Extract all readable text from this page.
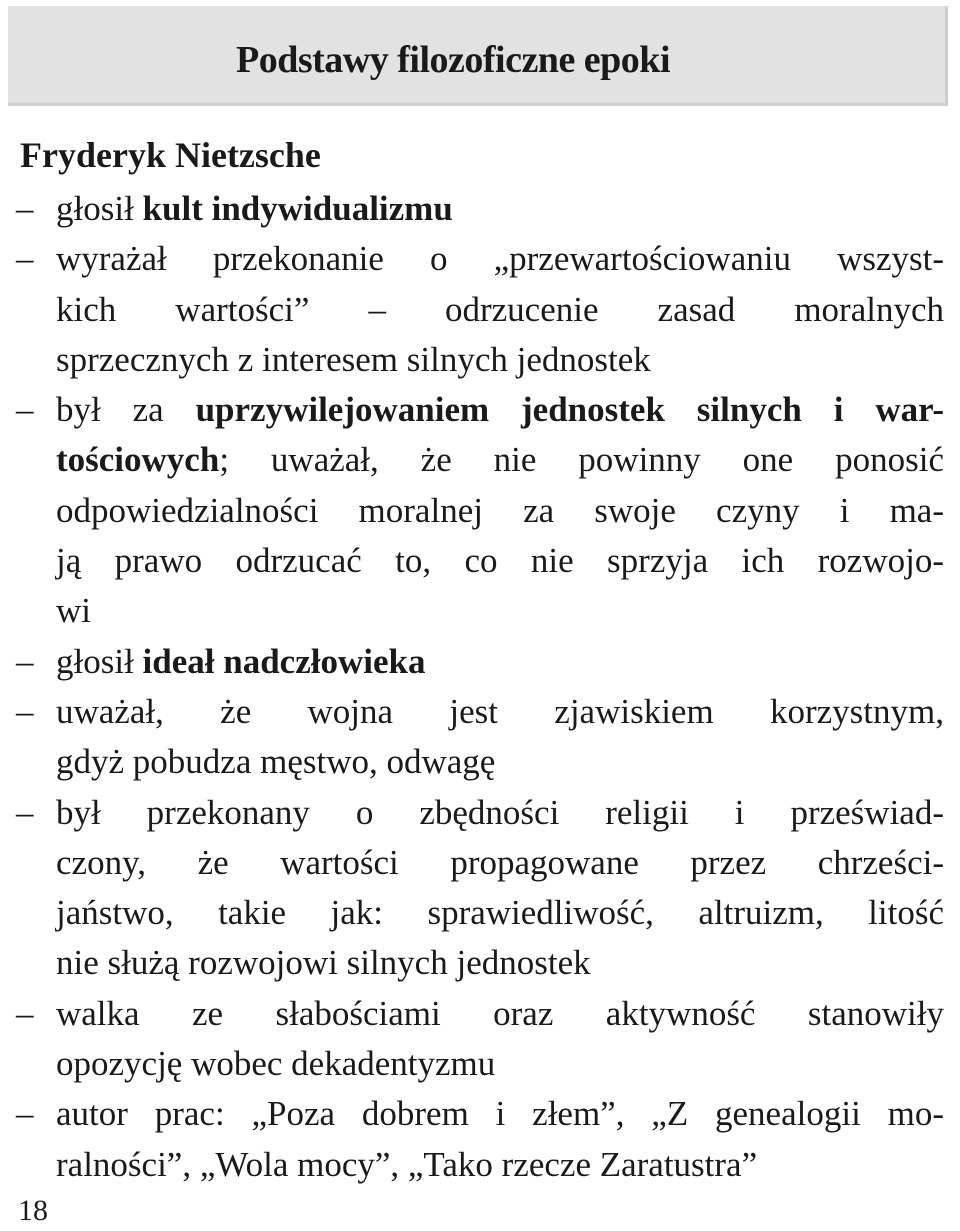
Podstawy filozoficzne epoki
Fryderyk Nietzsche
– głosił kult indywidualizmu
– wyrażał przekonanie o „przewartościowaniu wszyst-
kich wartości” – odrzucenie zasad moralnych
sprzecznych z interesem silnych jednostek
– był za uprzywilejowaniem jednostek silnych i war-
tościowych; uważał, że nie powinny one ponosić
odpowiedzialności moralnej za swoje czyny i ma-
ją prawo odrzucać to, co nie sprzyja ich rozwojo-
wi
– głosił ideał nadczłowieka
– uważał, że wojna jest zjawiskiem korzystnym,
gdyż pobudza męstwo, odwagę
– był przekonany o zbędności religii i przeświad-
czony, że wartości propagowane przez chrześci-
jaństwo, takie jak: sprawiedliwość, altruizm, litość
nie służą rozwojowi silnych jednostek
– walka ze słabościami oraz aktywność stanowiły
opozycję wobec dekadentyzmu
– autor prac: „Poza dobrem i złem”, „Z genealogii mo-
ralności”, „Wola mocy”, „Tako rzecze Zaratustra”
18
